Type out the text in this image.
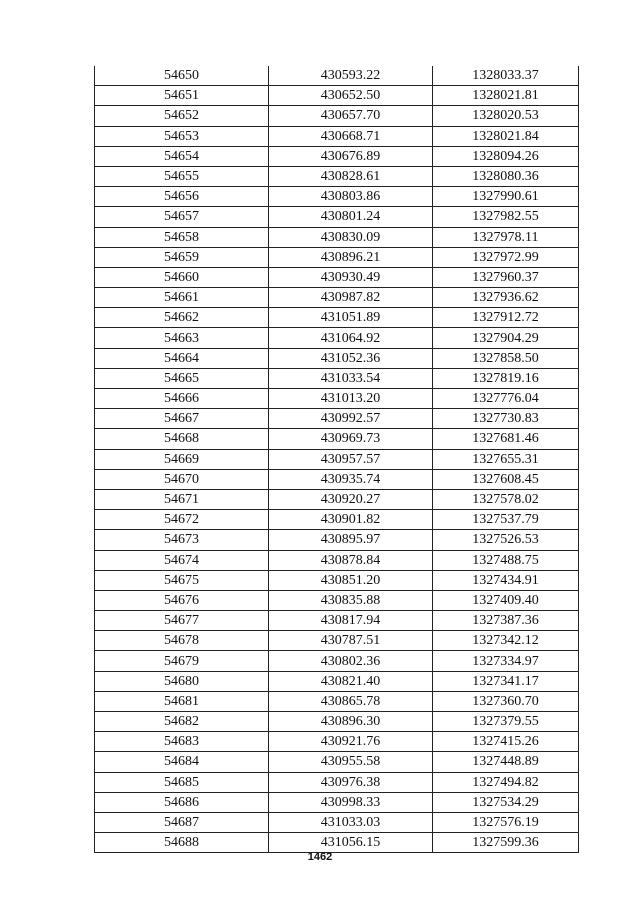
54650	430593.22	1328033.37
54651	430652.50	1328021.81
54652	430657.70	1328020.53
54653	430668.71	1328021.84
54654	430676.89	1328094.26
54655	430828.61	1328080.36
54656	430803.86	1327990.61
54657	430801.24	1327982.55
54658	430830.09	1327978.11
54659	430896.21	1327972.99
54660	430930.49	1327960.37
54661	430987.82	1327936.62
54662	431051.89	1327912.72
54663	431064.92	1327904.29
54664	431052.36	1327858.50
54665	431033.54	1327819.16
54666	431013.20	1327776.04
54667	430992.57	1327730.83
54668	430969.73	1327681.46
54669	430957.57	1327655.31
54670	430935.74	1327608.45
54671	430920.27	1327578.02
54672	430901.82	1327537.79
54673	430895.97	1327526.53
54674	430878.84	1327488.75
54675	430851.20	1327434.91
54676	430835.88	1327409.40
54677	430817.94	1327387.36
54678	430787.51	1327342.12
54679	430802.36	1327334.97
54680	430821.40	1327341.17
54681	430865.78	1327360.70
54682	430896.30	1327379.55
54683	430921.76	1327415.26
54684	430955.58	1327448.89
54685	430976.38	1327494.82
54686	430998.33	1327534.29
54687	431033.03	1327576.19
54688	431056.15	1327599.36
1462
